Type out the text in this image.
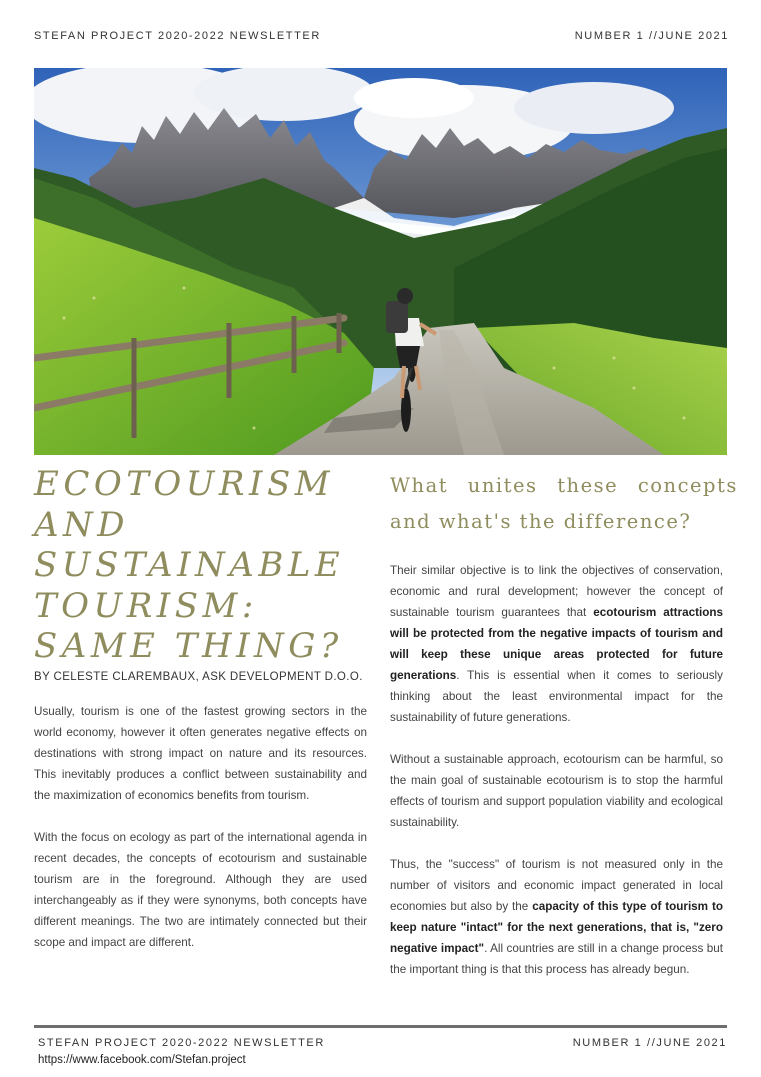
STEFAN PROJECT 2020-2022 NEWSLETTER	NUMBER 1 //JUNE 2021
ECOTOURISM
AND
SUSTAINABLE
TOURISM:
SAME THING?
BY CELESTE CLAREMBAUX, ASK DEVELOPMENT D.O.O.

Usually, tourism is one of the fastest growing sectors in the world economy, however it often generates negative effects on destinations with strong impact on nature and its resources. This inevitably produces a conflict between sustainability and the maximization of economics benefits from tourism.

With the focus on ecology as part of the international agenda in recent decades, the concepts of ecotourism and sustainable tourism are in the foreground. Although they are used interchangeably as if they were synonyms, both concepts have different meanings. The two are intimately connected but their scope and impact are different.

What unites these concepts
and what's the difference?

Their similar objective is to link the objectives of conservation, economic and rural development; however the concept of sustainable tourism guarantees that ecotourism attractions will be protected from the negative impacts of tourism and will keep these unique areas protected for future generations. This is essential when it comes to seriously thinking about the least environmental impact for the sustainability of future generations.

Without a sustainable approach, ecotourism can be harmful, so the main goal of sustainable ecotourism is to stop the harmful effects of tourism and support population viability and ecological sustainability.

Thus, the "success" of tourism is not measured only in the number of visitors and economic impact generated in local economies but also by the capacity of this type of tourism to keep nature "intact" for the next generations, that is, "zero negative impact". All countries are still in a change process but the important thing is that this process has already begun.

STEFAN PROJECT 2020-2022 NEWSLETTER	NUMBER 1 //JUNE 2021
https://www.facebook.com/Stefan.project
